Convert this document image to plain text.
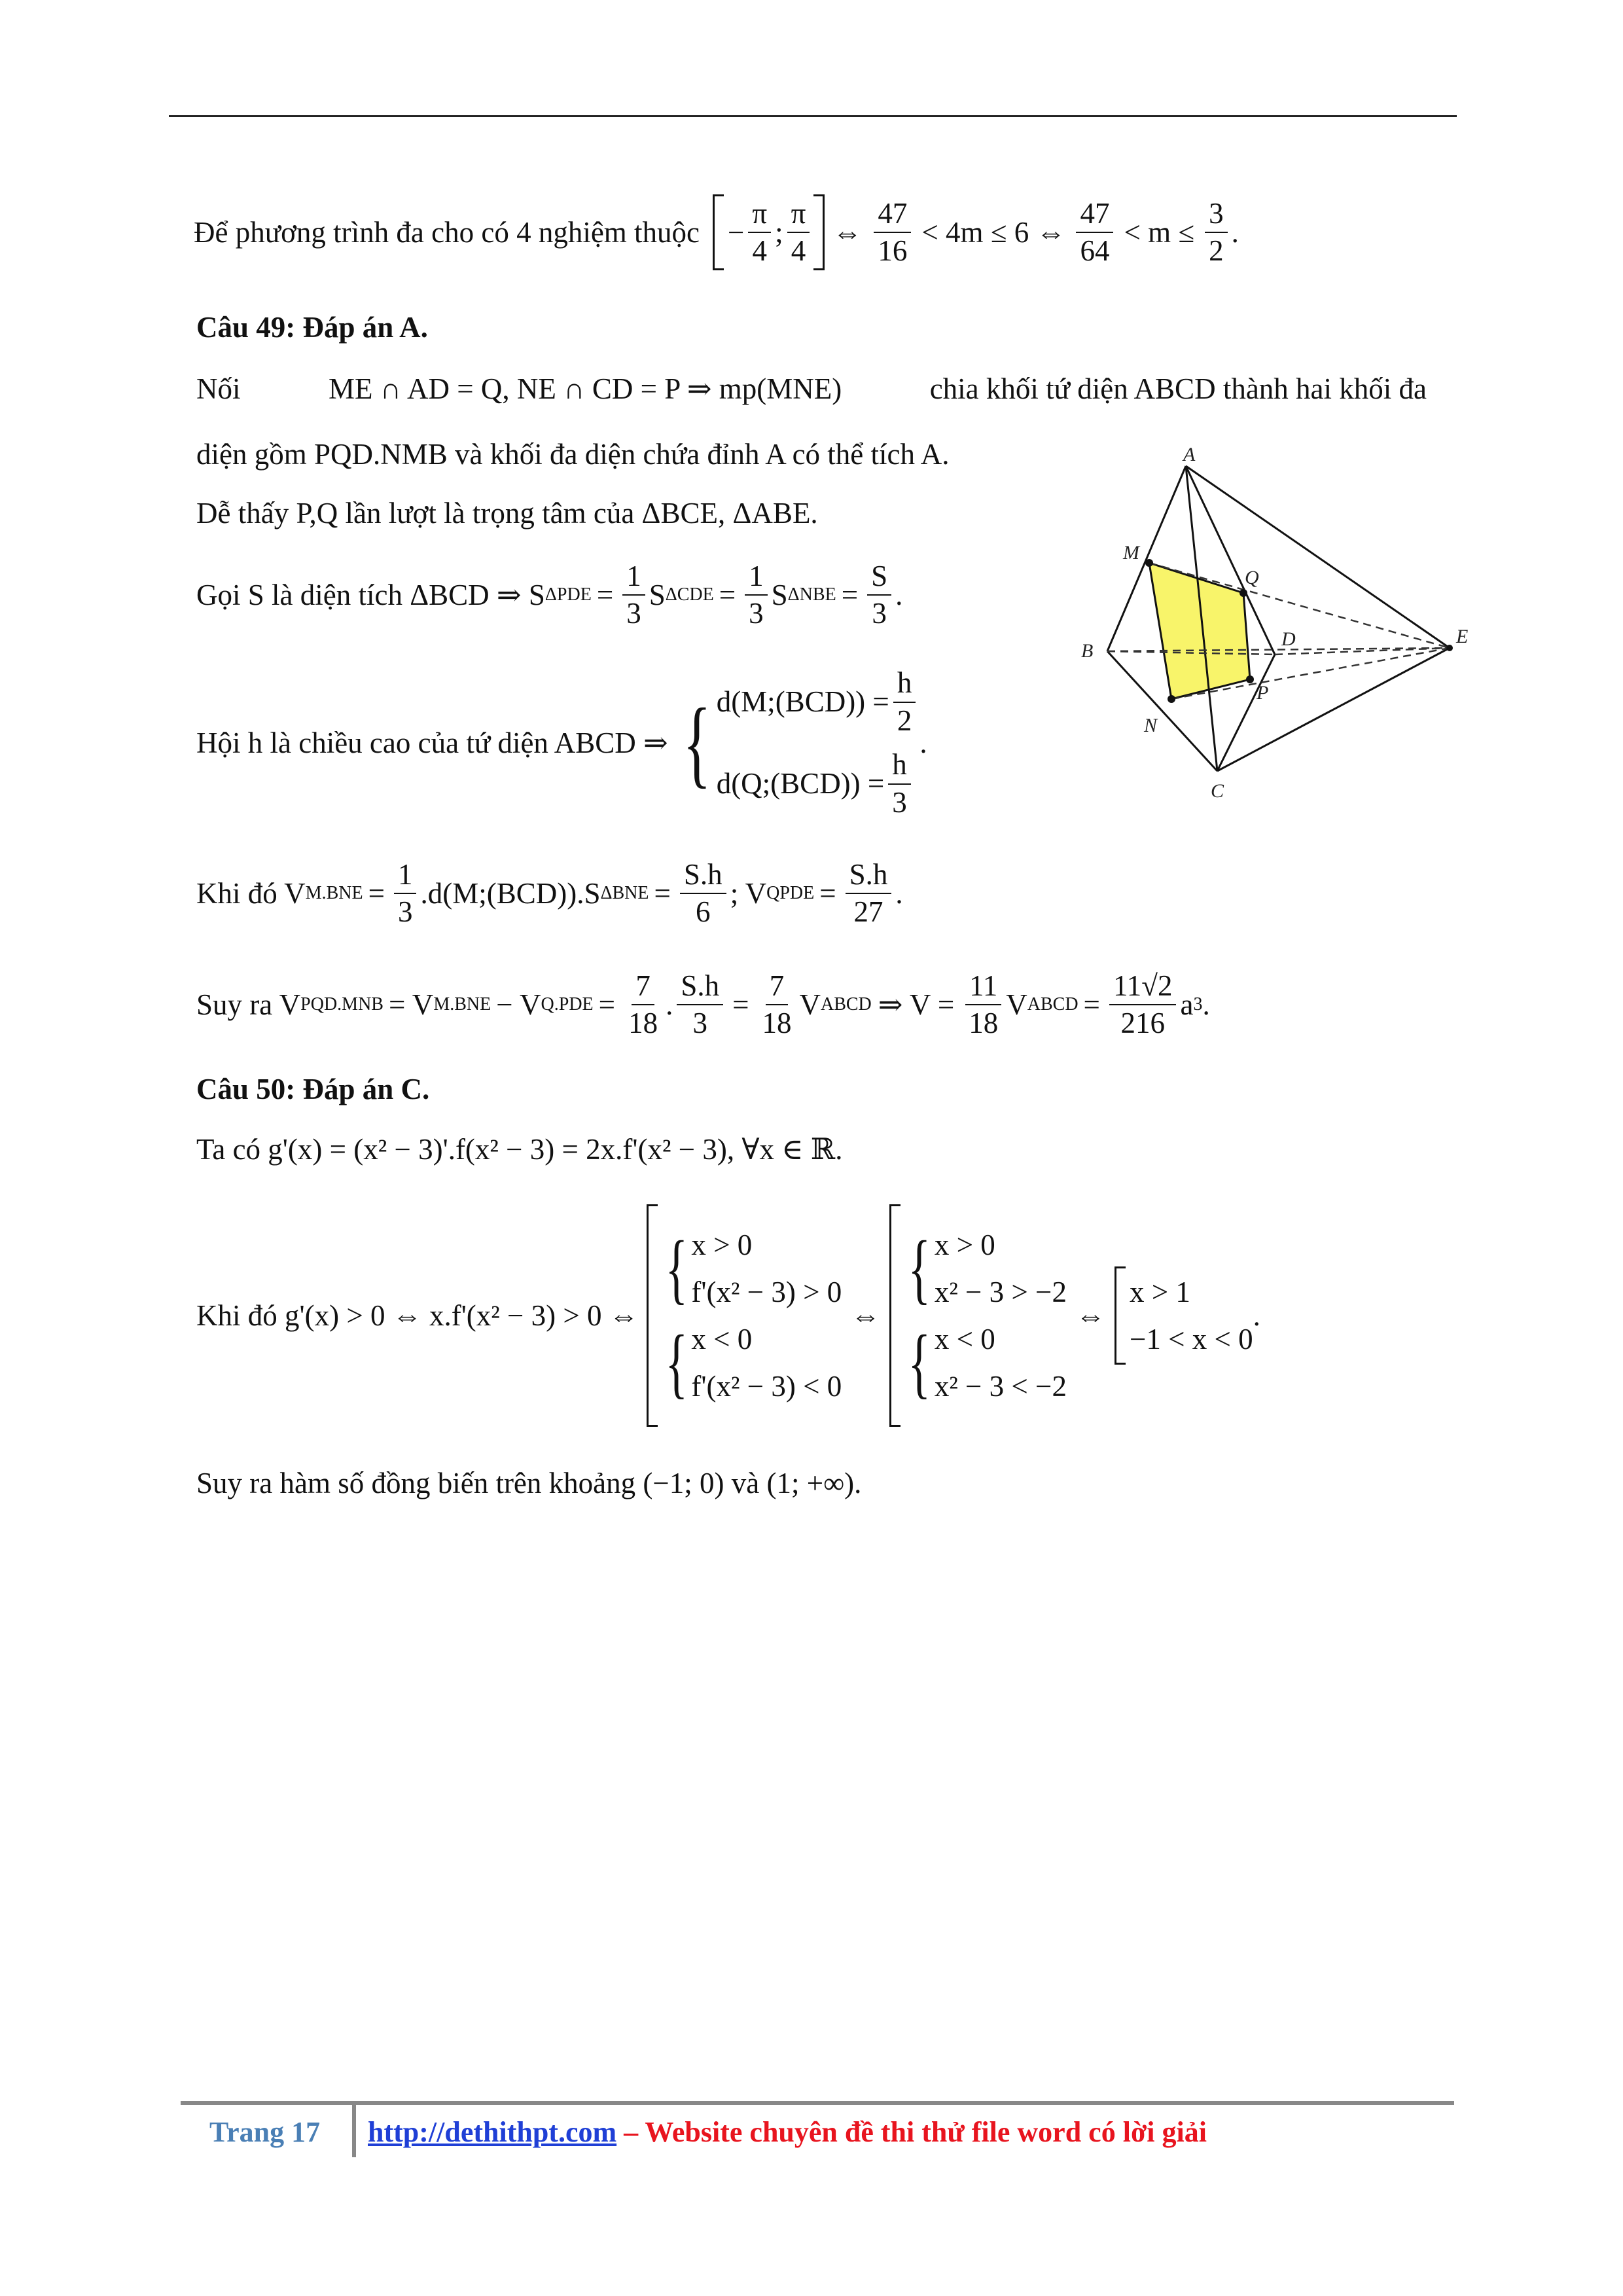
Để phương trình đa cho có 4 nghiệm thuộc − $\frac{\pi}{4}$ ; $\frac{\pi}{4}$ ⇔ $\frac{47}{16} < 4m \le 6$ ⇔ $\frac{47}{64} < m \le \frac{3}{2}$ .
Câu 49: Đáp án A.
Nối	ME ∩ AD = Q, NE ∩ CD = P ⇒ mp(MNE)	chia khối tứ diện ABCD thành hai khối đa
diện gồm PQD.NMB và khối đa diện chứa đỉnh A có thể tích A.
Dễ thấy P,Q lần lượt là trọng tâm của ΔBCE, ΔABE.
Gọi S là diện tích ΔBCD ⇒ S $\Delta PDE = \frac{1}{3}$ S $\Delta CDE = \frac{1}{3}$ S $\Delta NBE = \frac{S}{3}$ .
Hội h là chiều cao của tứ diện ABCD ⇒ { d(M;(BCD)) = $\frac{h}{2}$
d(Q;(BCD)) = $\frac{h}{3}$
.
Khi đó V $M.BNE = \frac{1}{3}$ .d(M;(BCD)).S $\Delta BNE = \frac{S.h}{6}$ ; V QPDE = $\frac{S.h}{27}$ .
Suy ra V PQD.MNB = V M.BNE − V $Q.PDE = \frac{7}{18}$ . $\frac{S.h}{3} = \frac{7}{18}$ V ABCD ⇒ $V = \frac{11}{18}$ V ABCD = $\frac{11√2}{216}$ a 3 .
A
B
C
D	E
M
N
P
Q
Câu 50: Đáp án C.
Ta có g'(x) = (x² − 3)'.f(x² − 3) = 2x.f'(x² − 3), ∀x ∈ ℝ.
Khi đó g'(x) > 0 ⇔ x.f'(x² − 3) > 0 ⇔
{ x > 0
f'(x² − 3) > 0
{ x < 0
f'(x² − 3) < 0
⇔
{ x > 0
x² − 3 > −2
{ x < 0
x² − 3 < −2
⇔
x > 1
−1 < x < 0
.
Suy ra hàm số đồng biến trên khoảng (−1; 0) và (1; +∞).
Trang 17 http://dethithpt.com – Website chuyên đề thi thử file word có lời giải
